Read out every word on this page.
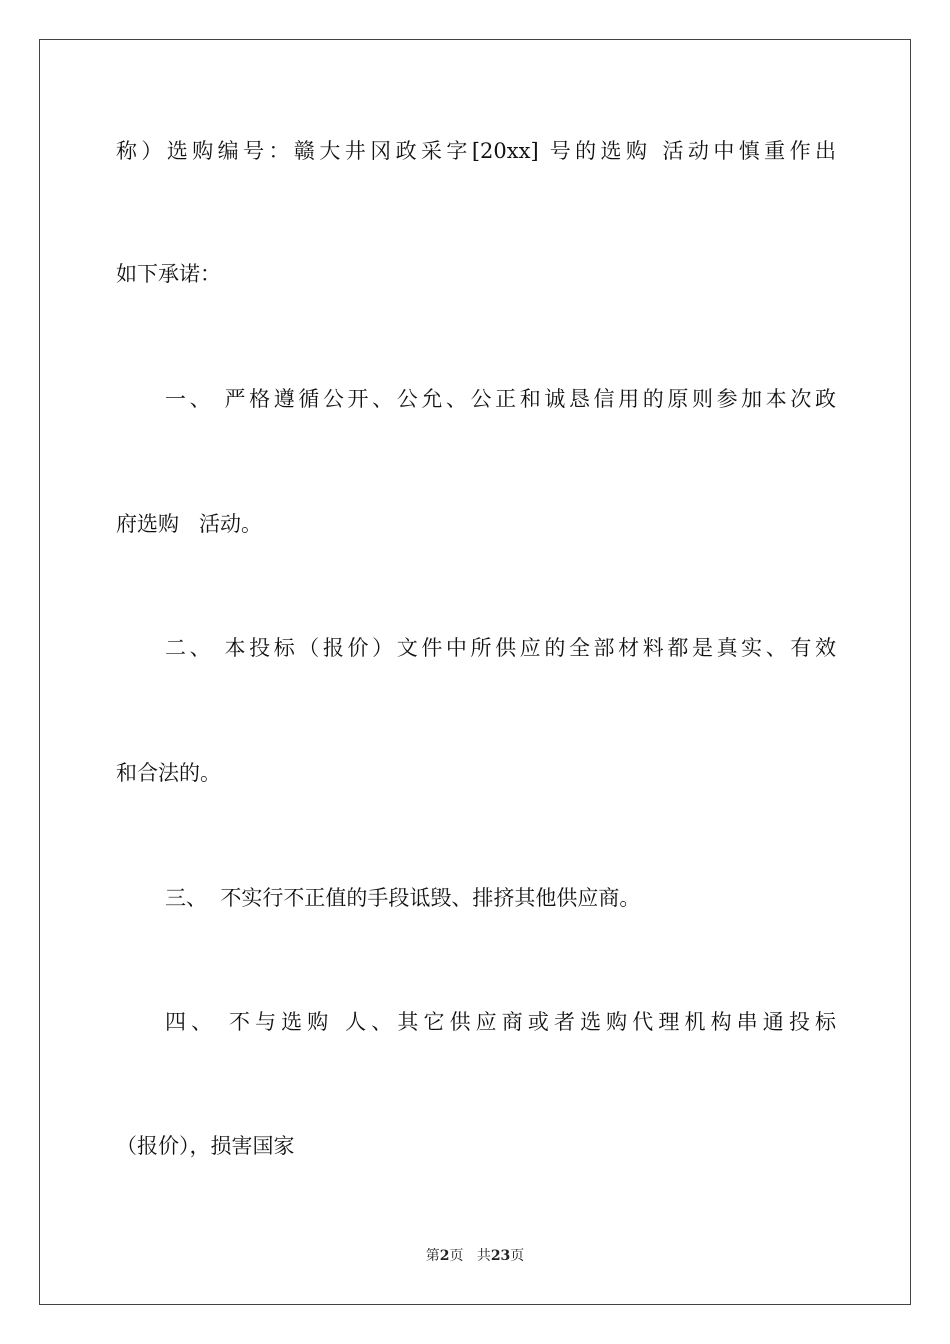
称）选购编号：赣大井冈政采字[20xx] 号的选购 活动中慎重作出
如下承诺：
一、 严格遵循公开、公允、公正和诚恳信用的原则参加本次政
府选购   活动。
二、 本投标（报价）文件中所供应的全部材料都是真实、有效
和合法的。
三、  不实行不正值的手段诋毁、排挤其他供应商。
四、 不与选购 人、其它供应商或者选购代理机构串通投标
（报价），损害国家
第2页 共23页
